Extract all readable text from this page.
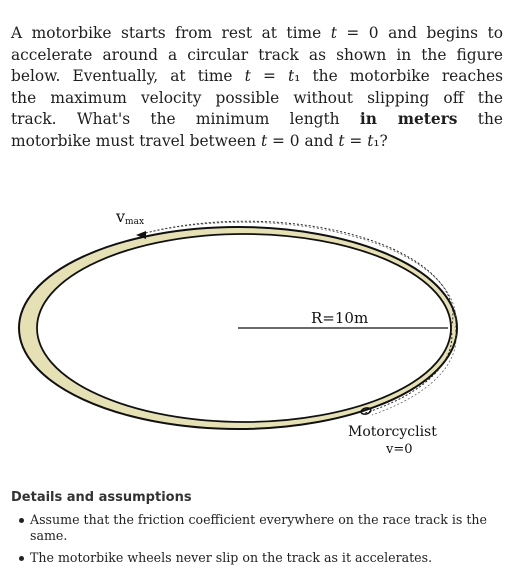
A motorbike starts from rest at time t = 0 and begins to
accelerate around a circular track as shown in the figure
below. Eventually, at time t = t₁ the motorbike reaches
the maximum velocity possible without slipping off the
track. What's the minimum length in meters the
motorbike must travel between t = 0 and t = t₁?
vmax
R=10m
Motorcyclist
v=0
Details and assumptions
Assume that the friction coefficient everywhere on the race track is the
same.
The motorbike wheels never slip on the track as it accelerates.
